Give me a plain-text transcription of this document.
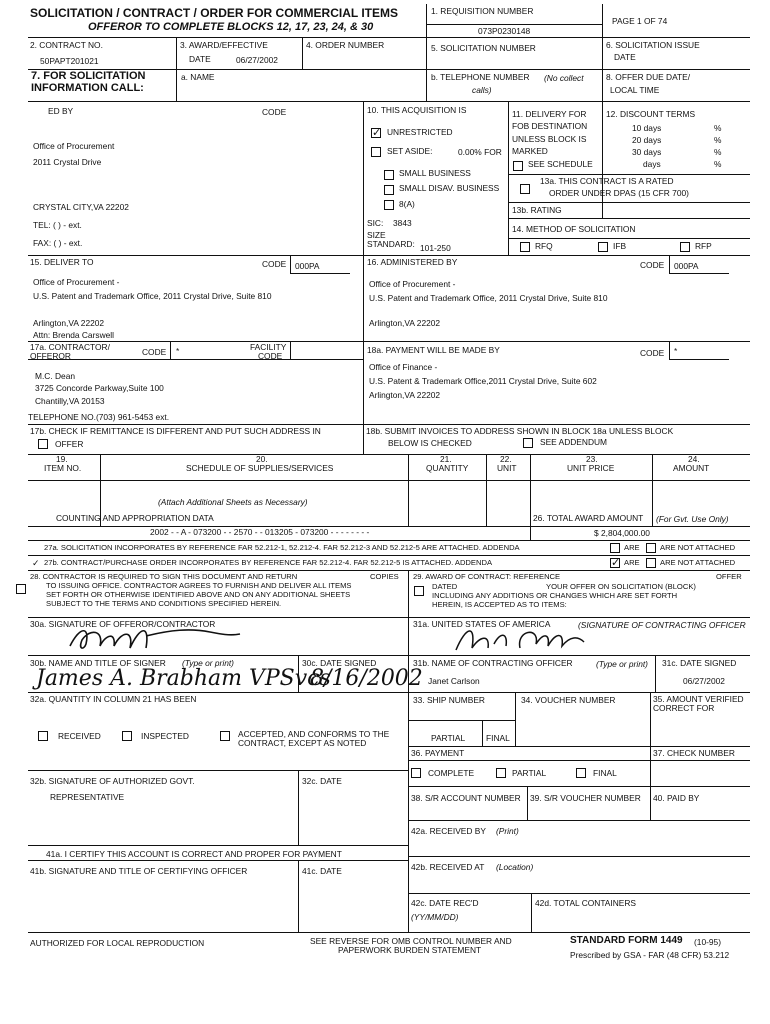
SOLICITATION / CONTRACT / ORDER FOR COMMERCIAL ITEMS
OFFEROR TO COMPLETE BLOCKS 12, 17, 23, 24, & 30
1. REQUISITION NUMBER
073P0230148
PAGE 1 OF 74
2. CONTRACT NO.
50PAPT201021
3. AWARD/EFFECTIVE
DATE	06/27/2002
4. ORDER NUMBER	5. SOLICITATION NUMBER	6. SOLICITATION ISSUE
DATE
7. FOR SOLICITATION
INFORMATION CALL:
a. NAME	b. TELEPHONE NUMBER (No collect
calls)
8. OFFER DUE DATE/
LOCAL TIME
ED BY	CODE
Office of Procurement
2011 Crystal Drive
CRYSTAL CITY,VA 22202
TEL: ( ) - ext.
FAX: ( ) - ext.
10. THIS ACQUISITION IS
✓
UNRESTRICTED
SET ASIDE:	0.00% FOR
SMALL BUSINESS
SMALL DISAV. BUSINESS
8(A)
SIC: 3843
SIZE
STANDARD: 101-250
11. DELIVERY FOR
FOB DESTINATION
UNLESS BLOCK IS
MARKED
SEE SCHEDULE
12. DISCOUNT TERMS
10 days
20 days
30 days
days
%
%
%
%
13a. THIS CONTRACT IS A RATED
ORDER UNDER DPAS (15 CFR 700)
13b. RATING
14. METHOD OF SOLICITATION
RFQ	IFB	RFP
15. DELIVER TO	CODE 000PA
Office of Procurement -
U.S. Patent and Trademark Office, 2011 Crystal Drive, Suite 810
Arlington,VA 22202
Attn: Brenda Carswell
16. ADMINISTERED BY	CODE 000PA
Office of Procurement -
U.S. Patent and Trademark Office, 2011 Crystal Drive, Suite 810
Arlington,VA 22202
17a. CONTRACTOR/
OFFEROR	CODE *	FACILITY
CODE
M.C. Dean
3725 Concorde Parkway,Suite 100
Chantilly,VA 20153
TELEPHONE NO.(703) 961-5453 ext.
17b. CHECK IF REMITTANCE IS DIFFERENT AND PUT SUCH ADDRESS IN
OFFER
18a. PAYMENT WILL BE MADE BY	CODE *
Office of Finance -
U.S. Patent & Trademark Office,2011 Crystal Drive, Suite 602
Arlington,VA 22202
18b. SUBMIT INVOICES TO ADDRESS SHOWN IN BLOCK 18a UNLESS BLOCK
BELOW IS CHECKED	SEE ADDENDUM
19.
ITEM NO.
20.
SCHEDULE OF SUPPLIES/SERVICES
21.
QUANTITY
22.
UNIT
23.
UNIT PRICE
24.
AMOUNT
(Attach Additional Sheets as Necessary)
COUNTING AND APPROPRIATION DATA
2002 - - A - 073200 - - 2570 - - 013205 - 073200 - - - - - - - -
26. TOTAL AWARD AMOUNT (For Gvt. Use Only)
$ 2,804,000.00
27a. SOLICITATION INCORPORATES BY REFERENCE FAR 52.212-1, 52.212-4. FAR 52.212-3 AND 52.212-5 ARE ATTACHED. ADDENDA	ARE	ARE NOT ATTACHED
✓ 27b. CONTRACT/PURCHASE ORDER INCORPORATES BY REFERENCE FAR 52.212-4. FAR 52.212-5 IS ATTACHED. ADDENDA
✓	ARE	ARE NOT ATTACHED
28. CONTRACTOR IS REQUIRED TO SIGN THIS DOCUMENT AND RETURN	COPIES
TO ISSUING OFFICE. CONTRACTOR AGREES TO FURNISH AND DELIVER ALL ITEMS
SET FORTH OR OTHERWISE IDENTIFIED ABOVE AND ON ANY ADDITIONAL SHEETS
SUBJECT TO THE TERMS AND CONDITIONS SPECIFIED HEREIN.
29. AWARD OF CONTRACT: REFERENCE	OFFER
DATED	YOUR OFFER ON SOLICITATION (BLOCK)
INCLUDING ANY ADDITIONS OR CHANGES WHICH ARE SET FORTH
HEREIN, IS ACCEPTED AS TO ITEMS:
30a. SIGNATURE OF OFFEROR/CONTRACTOR	31a. UNITED STATES OF AMERICA	(SIGNATURE OF CONTRACTING OFFICER
30b. NAME AND TITLE OF SIGNER (Type or print)	30c. DATE SIGNED
James A. Brabham VPSvcs
8/16/2002
31b. NAME OF CONTRACTING OFFICER	(Type or print)
Janet Carlson
31c. DATE SIGNED
06/27/2002
32a. QUANTITY IN COLUMN 21 HAS BEEN
RECEIVED	INSPECTED	ACCEPTED, AND CONFORMS TO THE
CONTRACT, EXCEPT AS NOTED
32b. SIGNATURE OF AUTHORIZED GOVT.
REPRESENTATIVE
32c. DATE
33. SHIP NUMBER	34. VOUCHER NUMBER	35. AMOUNT VERIFIED
CORRECT FOR
PARTIAL FINAL
36. PAYMENT	37. CHECK NUMBER
COMPLETE	PARTIAL	FINAL
38. S/R ACCOUNT NUMBER 39. S/R VOUCHER NUMBER 40. PAID BY
42a. RECEIVED BY (Print)
42b. RECEIVED AT (Location)
42c. DATE REC'D
(YY/MM/DD)
42d. TOTAL CONTAINERS
41a. I CERTIFY THIS ACCOUNT IS CORRECT AND PROPER FOR PAYMENT
41b. SIGNATURE AND TITLE OF CERTIFYING OFFICER	41c. DATE
AUTHORIZED FOR LOCAL REPRODUCTION	SEE REVERSE FOR OMB CONTROL NUMBER AND
PAPERWORK BURDEN STATEMENT
STANDARD FORM 1449 (10-95)
Prescribed by GSA - FAR (48 CFR) 53.212
